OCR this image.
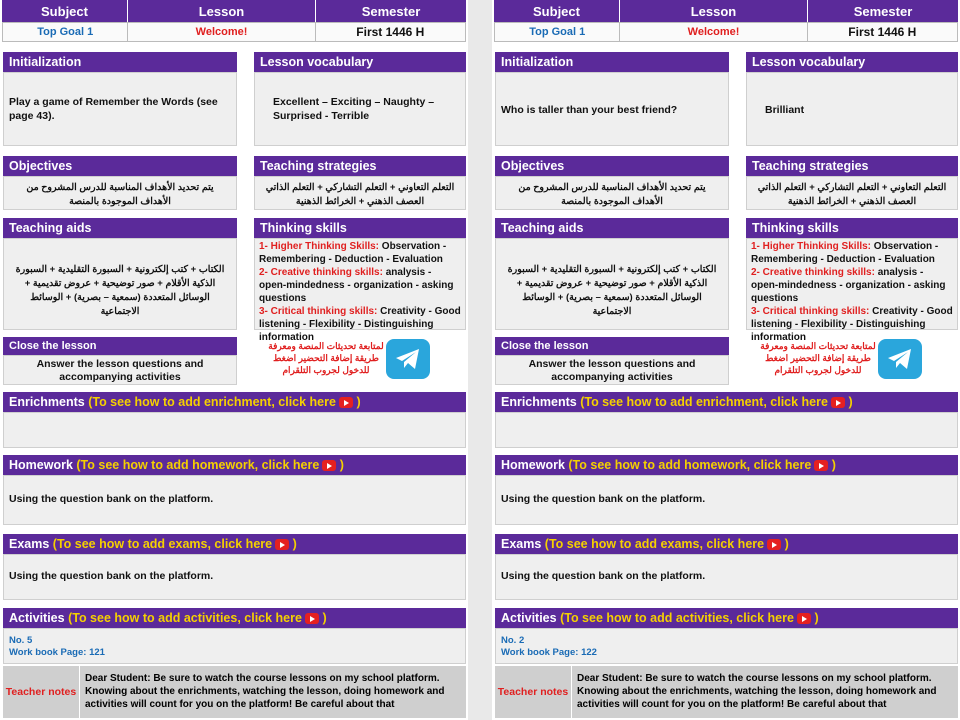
Subject	Lesson	Semester
Top Goal 1	Welcome!	First 1446 H
Initialization
Play a game of Remember the Words (see page 43).
Lesson vocabulary
Excellent – Exciting – Naughty – Surprised - Terrible
Objectives
يتم تحديد الأهداف المناسبة للدرس المشروح من الأهداف الموجودة بالمنصة
Teaching strategies
التعلم التعاوني + التعلم التشاركي + التعلم الذاتي العصف الذهني + الخرائط الذهنية
Teaching aids
الكتاب + كتب إلكترونية + السبورة التقليدية + السبورة الذكية الأقلام + صور توضيحية + عروض تقديمية + الوسائل المتعددة (سمعية – بصرية) + الوسائط الاجتماعية
Thinking skills
1- Higher Thinking Skills: Observation - Remembering - Deduction - Evaluation
2- Creative thinking skills: analysis - open-mindedness - organization - asking questions
3- Critical thinking skills: Creativity - Good listening - Flexibility - Distinguishing information
Close the lesson
Answer the lesson questions and accompanying activities
لمتابعة تحديثات المنصة ومعرفة طريقة إضافة التحضير اضغط للدخول لجروب التلقرام
Enrichments
(To see how to add enrichment, click here
)
Homework
(To see how to add homework, click here
)
Using the question bank on the platform.
Exams
(To see how to add exams, click here
)
Using the question bank on the platform.
Activities
(To see how to add activities, click here
)
No. 5
Work book Page: 121
Teacher notes
Dear Student: Be sure to watch the course lessons on my school platform. Knowing about the enrichments, watching the lesson, doing homework and activities will count for you on the platform! Be careful about that
Subject	Lesson	Semester
Top Goal 1	Welcome!	First 1446 H
Initialization
Who is taller than your best friend?
Lesson vocabulary
Brilliant
Objectives
يتم تحديد الأهداف المناسبة للدرس المشروح من الأهداف الموجودة بالمنصة
Teaching strategies
التعلم التعاوني + التعلم التشاركي + التعلم الذاتي العصف الذهني + الخرائط الذهنية
Teaching aids
الكتاب + كتب إلكترونية + السبورة التقليدية + السبورة الذكية الأقلام + صور توضيحية + عروض تقديمية + الوسائل المتعددة (سمعية – بصرية) + الوسائط الاجتماعية
Thinking skills
1- Higher Thinking Skills: Observation - Remembering - Deduction - Evaluation
2- Creative thinking skills: analysis - open-mindedness - organization - asking questions
3- Critical thinking skills: Creativity - Good listening - Flexibility - Distinguishing information
Close the lesson
Answer the lesson questions and accompanying activities
لمتابعة تحديثات المنصة ومعرفة طريقة إضافة التحضير اضغط للدخول لجروب التلقرام
Enrichments
(To see how to add enrichment, click here
)
Homework
(To see how to add homework, click here
)
Using the question bank on the platform.
Exams
(To see how to add exams, click here
)
Using the question bank on the platform.
Activities
(To see how to add activities, click here
)
No. 2
Work book Page: 122
Teacher notes
Dear Student: Be sure to watch the course lessons on my school platform. Knowing about the enrichments, watching the lesson, doing homework and activities will count for you on the platform! Be careful about that
